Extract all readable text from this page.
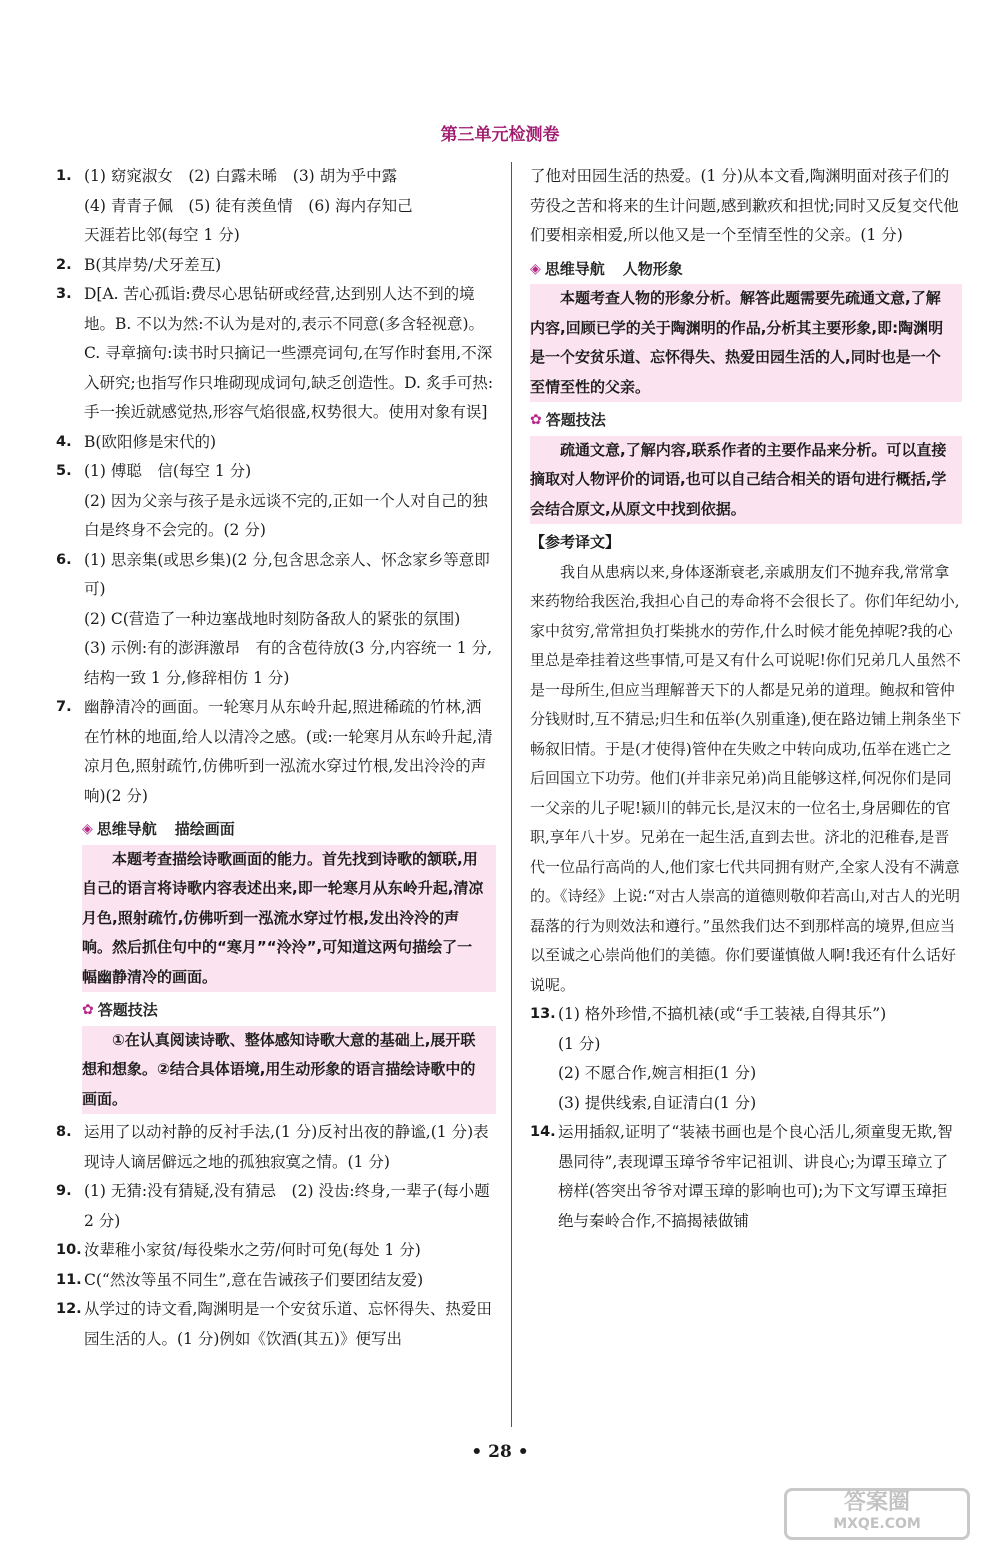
第三单元检测卷
1. (1) 窈窕淑女　(2) 白露未晞　(3) 胡为乎中露

(4) 青青子佩　(5) 徒有羡鱼情　(6) 海内存知己

天涯若比邻(每空 1 分)

2. B(其岸势/犬牙差互)

3. D[A. 苦心孤诣:费尽心思钻研或经营,达到别人达不到的境地。B. 不以为然:不认为是对的,表示不同意(多含轻视意)。C. 寻章摘句:读书时只摘记一些漂亮词句,在写作时套用,不深入研究;也指写作只堆砌现成词句,缺乏创造性。D. 炙手可热:手一挨近就感觉热,形容气焰很盛,权势很大。使用对象有误]

4. B(欧阳修是宋代的)

5. (1) 傅聪　信(每空 1 分)

(2) 因为父亲与孩子是永远谈不完的,正如一个人对自己的独白是终身不会完的。(2 分)

6. (1) 思亲集(或思乡集)(2 分,包含思念亲人、怀念家乡等意即可)

(2) C(营造了一种边塞战地时刻防备敌人的紧张的氛围)

(3) 示例:有的澎湃激昂　有的含苞待放(3 分,内容统一 1 分,结构一致 1 分,修辞相仿 1 分)

7. 幽静清冷的画面。一轮寒月从东岭升起,照进稀疏的竹林,洒在竹林的地面,给人以清冷之感。(或:一轮寒月从东岭升起,清凉月色,照射疏竹,仿佛听到一泓流水穿过竹根,发出泠泠的声响)(2 分)

◈ 思维导航 描绘画面

本题考查描绘诗歌画面的能力。首先找到诗歌的颔联,用自己的语言将诗歌内容表述出来,即一轮寒月从东岭升起,清凉月色,照射疏竹,仿佛听到一泓流水穿过竹根,发出泠泠的声响。然后抓住句中的“寒月”“泠泠”,可知道这两句描绘了一幅幽静清冷的画面。

✿ 答题技法

①在认真阅读诗歌、整体感知诗歌大意的基础上,展开联想和想象。②结合具体语境,用生动形象的语言描绘诗歌中的画面。

8. 运用了以动衬静的反衬手法,(1 分)反衬出夜的静谧,(1 分)表现诗人谪居僻远之地的孤独寂寞之情。(1 分)

9. (1) 无猜:没有猜疑,没有猜忌　(2) 没齿:终身,一辈子(每小题 2 分)

10. 汝辈稚小家贫/每役柴水之劳/何时可免(每处 1 分)

11. C(“然汝等虽不同生”,意在告诫孩子们要团结友爱)

12. 从学过的诗文看,陶渊明是一个安贫乐道、忘怀得失、热爱田园生活的人。(1 分)例如《饮酒(其五)》便写出

了他对田园生活的热爱。(1 分)从本文看,陶渊明面对孩子们的劳役之苦和将来的生计问题,感到歉疚和担忧;同时又反复交代他们要相亲相爱,所以他又是一个至情至性的父亲。(1 分)

◈ 思维导航 人物形象

本题考查人物的形象分析。解答此题需要先疏通文意,了解内容,回顾已学的关于陶渊明的作品,分析其主要形象,即:陶渊明是一个安贫乐道、忘怀得失、热爱田园生活的人,同时也是一个至情至性的父亲。

✿ 答题技法

疏通文意,了解内容,联系作者的主要作品来分析。可以直接摘取对人物评价的词语,也可以自己结合相关的语句进行概括,学会结合原文,从原文中找到依据。

【参考译文】

我自从患病以来,身体逐渐衰老,亲戚朋友们不抛弃我,常常拿来药物给我医治,我担心自己的寿命将不会很长了。你们年纪幼小,家中贫穷,常常担负打柴挑水的劳作,什么时候才能免掉呢?我的心里总是牵挂着这些事情,可是又有什么可说呢!你们兄弟几人虽然不是一母所生,但应当理解普天下的人都是兄弟的道理。鲍叔和管仲分钱财时,互不猜忌;归生和伍举(久别重逢),便在路边铺上荆条坐下畅叙旧情。于是(才使得)管仲在失败之中转向成功,伍举在逃亡之后回国立下功劳。他们(并非亲兄弟)尚且能够这样,何况你们是同一父亲的儿子呢!颍川的韩元长,是汉末的一位名士,身居卿佐的官职,享年八十岁。兄弟在一起生活,直到去世。济北的氾稚春,是晋代一位品行高尚的人,他们家七代共同拥有财产,全家人没有不满意的。《诗经》上说:“对古人崇高的道德则敬仰若高山,对古人的光明磊落的行为则效法和遵行。”虽然我们达不到那样高的境界,但应当以至诚之心崇尚他们的美德。你们要谨慎做人啊!我还有什么话好说呢。

13. (1) 格外珍惜,不搞机裱(或“手工装裱,自得其乐”)

(1 分)

(2) 不愿合作,婉言相拒(1 分)

(3) 提供线索,自证清白(1 分)

14. 运用插叙,证明了“装裱书画也是个良心活儿,须童叟无欺,智愚同待”,表现谭玉璋爷爷牢记祖训、讲良心;为谭玉璋立了榜样(答突出爷爷对谭玉璋的影响也可);为下文写谭玉璋拒绝与秦岭合作,不搞揭裱做铺

• 28 •
答案圈
MXQE.COM
